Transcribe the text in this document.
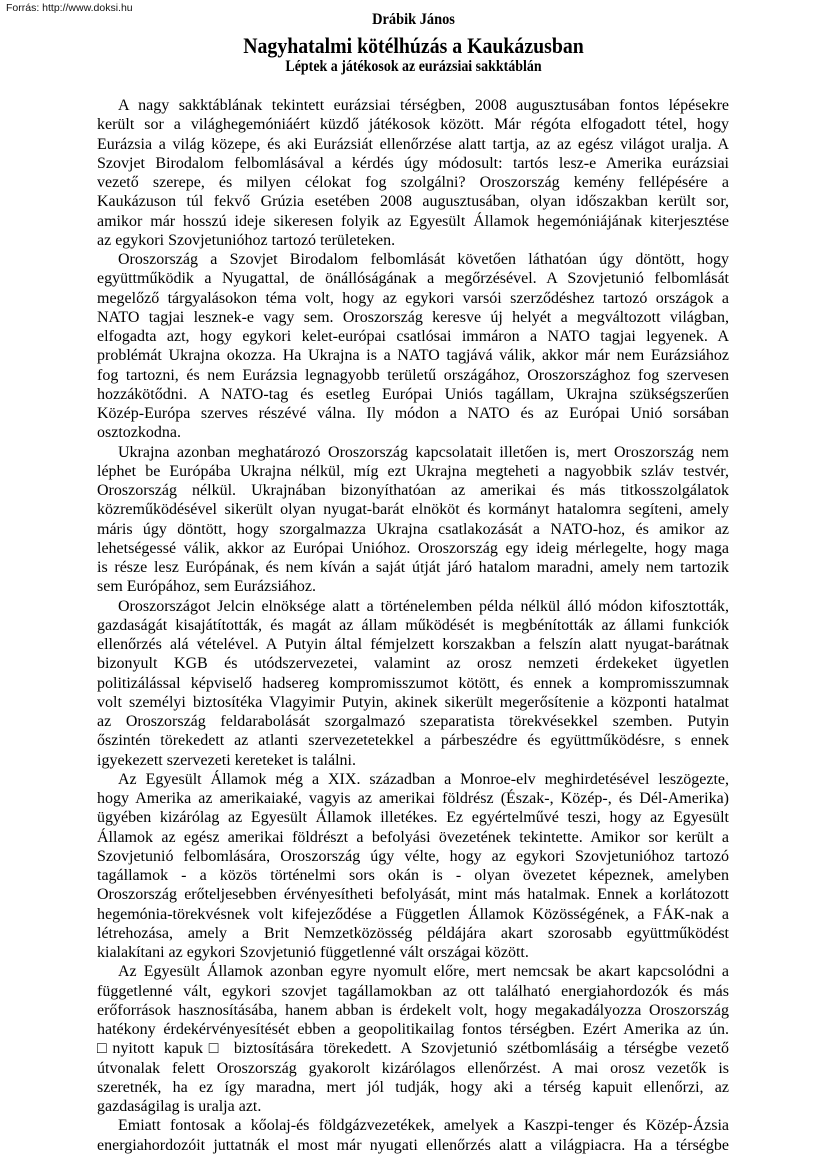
Forrás: http://www.doksi.hu
Drábik János
Nagyhatalmi kötélhúzás a Kaukázusban
Léptek a játékosok az eurázsiai sakktáblán
A nagy sakktáblának tekintett eurázsiai térségben, 2008 augusztusában fontos lépésekre
került sor a világhegemóniáért küzdő játékosok között. Már régóta elfogadott tétel, hogy
Eurázsia a világ közepe, és aki Eurázsiát ellenőrzése alatt tartja, az az egész világot uralja. A
Szovjet Birodalom felbomlásával a kérdés úgy módosult: tartós lesz-e Amerika eurázsiai
vezető szerepe, és milyen célokat fog szolgálni? Oroszország kemény fellépésére a
Kaukázuson túl fekvő Grúzia esetében 2008 augusztusában, olyan időszakban került sor,
amikor már hosszú ideje sikeresen folyik az Egyesült Államok hegemóniájának kiterjesztése
az egykori Szovjetunióhoz tartozó területeken.
Oroszország a Szovjet Birodalom felbomlását követően láthatóan úgy döntött, hogy
együttműködik a Nyugattal, de önállóságának a megőrzésével. A Szovjetunió felbomlását
megelőző tárgyalásokon téma volt, hogy az egykori varsói szerződéshez tartozó országok a
NATO tagjai lesznek-e vagy sem. Oroszország keresve új helyét a megváltozott világban,
elfogadta azt, hogy egykori kelet-európai csatlósai immáron a NATO tagjai legyenek. A
problémát Ukrajna okozza. Ha Ukrajna is a NATO tagjává válik, akkor már nem Eurázsiához
fog tartozni, és nem Eurázsia legnagyobb területű országához, Oroszországhoz fog szervesen
hozzákötődni. A NATO-tag és esetleg Európai Uniós tagállam, Ukrajna szükségszerűen
Közép-Európa szerves részévé válna. Ily módon a NATO és az Európai Unió sorsában
osztozkodna.
Ukrajna azonban meghatározó Oroszország kapcsolatait illetően is, mert Oroszország nem
léphet be Európába Ukrajna nélkül, míg ezt Ukrajna megteheti a nagyobbik szláv testvér,
Oroszország nélkül. Ukrajnában bizonyíthatóan az amerikai és más titkosszolgálatok
közreműködésével sikerült olyan nyugat-barát elnököt és kormányt hatalomra segíteni, amely
máris úgy döntött, hogy szorgalmazza Ukrajna csatlakozását a NATO-hoz, és amikor az
lehetségessé válik, akkor az Európai Unióhoz. Oroszország egy ideig mérlegelte, hogy maga
is része lesz Európának, és nem kíván a saját útját járó hatalom maradni, amely nem tartozik
sem Európához, sem Eurázsiához.
Oroszországot Jelcin elnöksége alatt a történelemben példa nélkül álló módon kifosztották,
gazdaságát kisajátították, és magát az állam működését is megbénították az állami funkciók
ellenőrzés alá vételével. A Putyin által fémjelzett korszakban a felszín alatt nyugat-barátnak
bizonyult KGB és utódszervezetei, valamint az orosz nemzeti érdekeket ügyetlen
politizálással képviselő hadsereg kompromisszumot kötött, és ennek a kompromisszumnak
volt személyi biztosítéka Vlagyimir Putyin, akinek sikerült megerősítenie a központi hatalmat
az Oroszország feldarabolását szorgalmazó szeparatista törekvésekkel szemben. Putyin
őszintén törekedett az atlanti szervezetetekkel a párbeszédre és együttműködésre, s ennek
igyekezett szervezeti kereteket is találni.
Az Egyesült Államok még a XIX. században a Monroe-elv meghirdetésével leszögezte,
hogy Amerika az amerikaiaké, vagyis az amerikai földrész (Észak-, Közép-, és Dél-Amerika)
ügyében kizárólag az Egyesült Államok illetékes. Ez egyértelművé teszi, hogy az Egyesült
Államok az egész amerikai földrészt a befolyási övezetének tekintette. Amikor sor került a
Szovjetunió felbomlására, Oroszország úgy vélte, hogy az egykori Szovjetunióhoz tartozó
tagállamok - a közös történelmi sors okán is - olyan övezetet képeznek, amelyben
Oroszország erőteljesebben érvényesítheti befolyását, mint más hatalmak. Ennek a korlátozott
hegemónia-törekvésnek volt kifejeződése a Független Államok Közösségének, a FÁK-nak a
létrehozása, amely a Brit Nemzetközösség példájára akart szorosabb együttműködést
kialakítani az egykori Szovjetunió függetlenné vált országai között.
Az Egyesült Államok azonban egyre nyomult előre, mert nemcsak be akart kapcsolódni a
függetlenné vált, egykori szovjet tagállamokban az ott található energiahordozók és más
erőforrások hasznosításába, hanem abban is érdekelt volt, hogy megakadályozza Oroszország
hatékony érdekérvényesítését ebben a geopolitikailag fontos térségben. Ezért Amerika az ún.
□nyitott kapuk□ biztosítására törekedett. A Szovjetunió szétbomlásáig a térségbe vezető
útvonalak felett Oroszország gyakorolt kizárólagos ellenőrzést. A mai orosz vezetők is
szeretnék, ha ez így maradna, mert jól tudják, hogy aki a térség kapuit ellenőrzi, az
gazdaságilag is uralja azt.
Emiatt fontosak a kőolaj-és földgázvezetékek, amelyek a Kaszpi-tenger és Közép-Ázsia
energiahordozóit juttatnák el most már nyugati ellenőrzés alatt a világpiacra. Ha a térségbe
